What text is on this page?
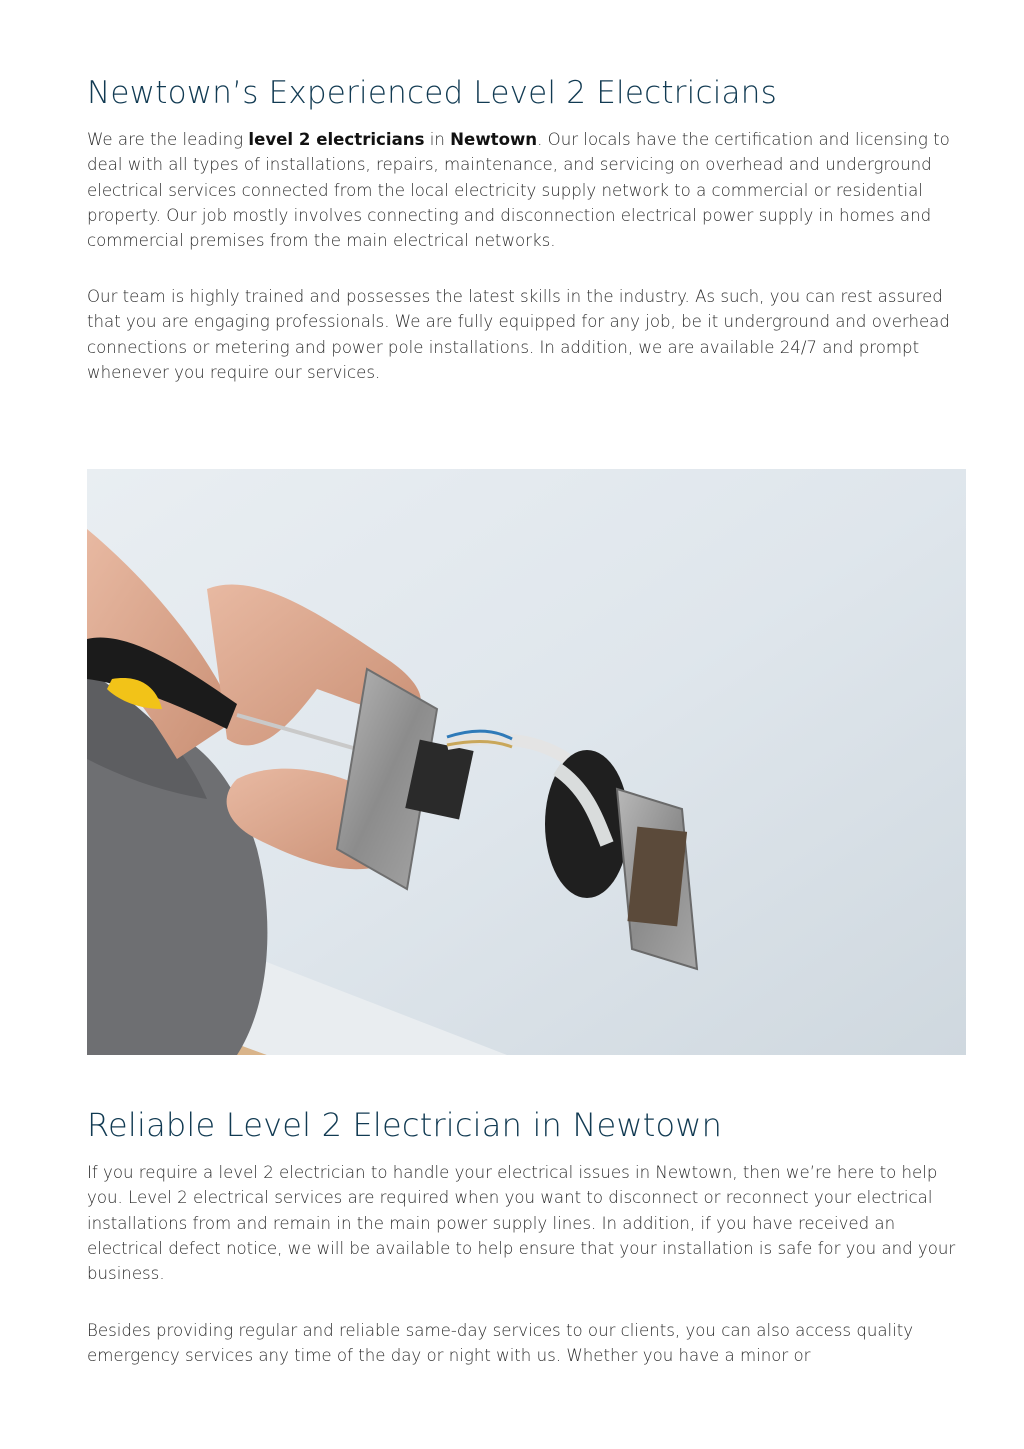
Newtown’s Experienced Level 2 Electricians

We are the leading level 2 electricians in Newtown. Our locals have the certification and licensing to deal with all types of installations, repairs, maintenance, and servicing on overhead and underground electrical services connected from the local electricity supply network to a commercial or residential property. Our job mostly involves connecting and disconnection electrical power supply in homes and commercial premises from the main electrical networks.

Our team is highly trained and possesses the latest skills in the industry. As such, you can rest assured that you are engaging professionals. We are fully equipped for any job, be it underground and overhead connections or metering and power pole installations. In addition, we are available 24/7 and prompt whenever you require our services.

Reliable Level 2 Electrician in Newtown

If you require a level 2 electrician to handle your electrical issues in Newtown, then we’re here to help you. Level 2 electrical services are required when you want to disconnect or reconnect your electrical installations from and remain in the main power supply lines. In addition, if you have received an electrical defect notice, we will be available to help ensure that your installation is safe for you and your business.

Besides providing regular and reliable same-day services to our clients, you can also access quality emergency services any time of the day or night with us. Whether you have a minor or
